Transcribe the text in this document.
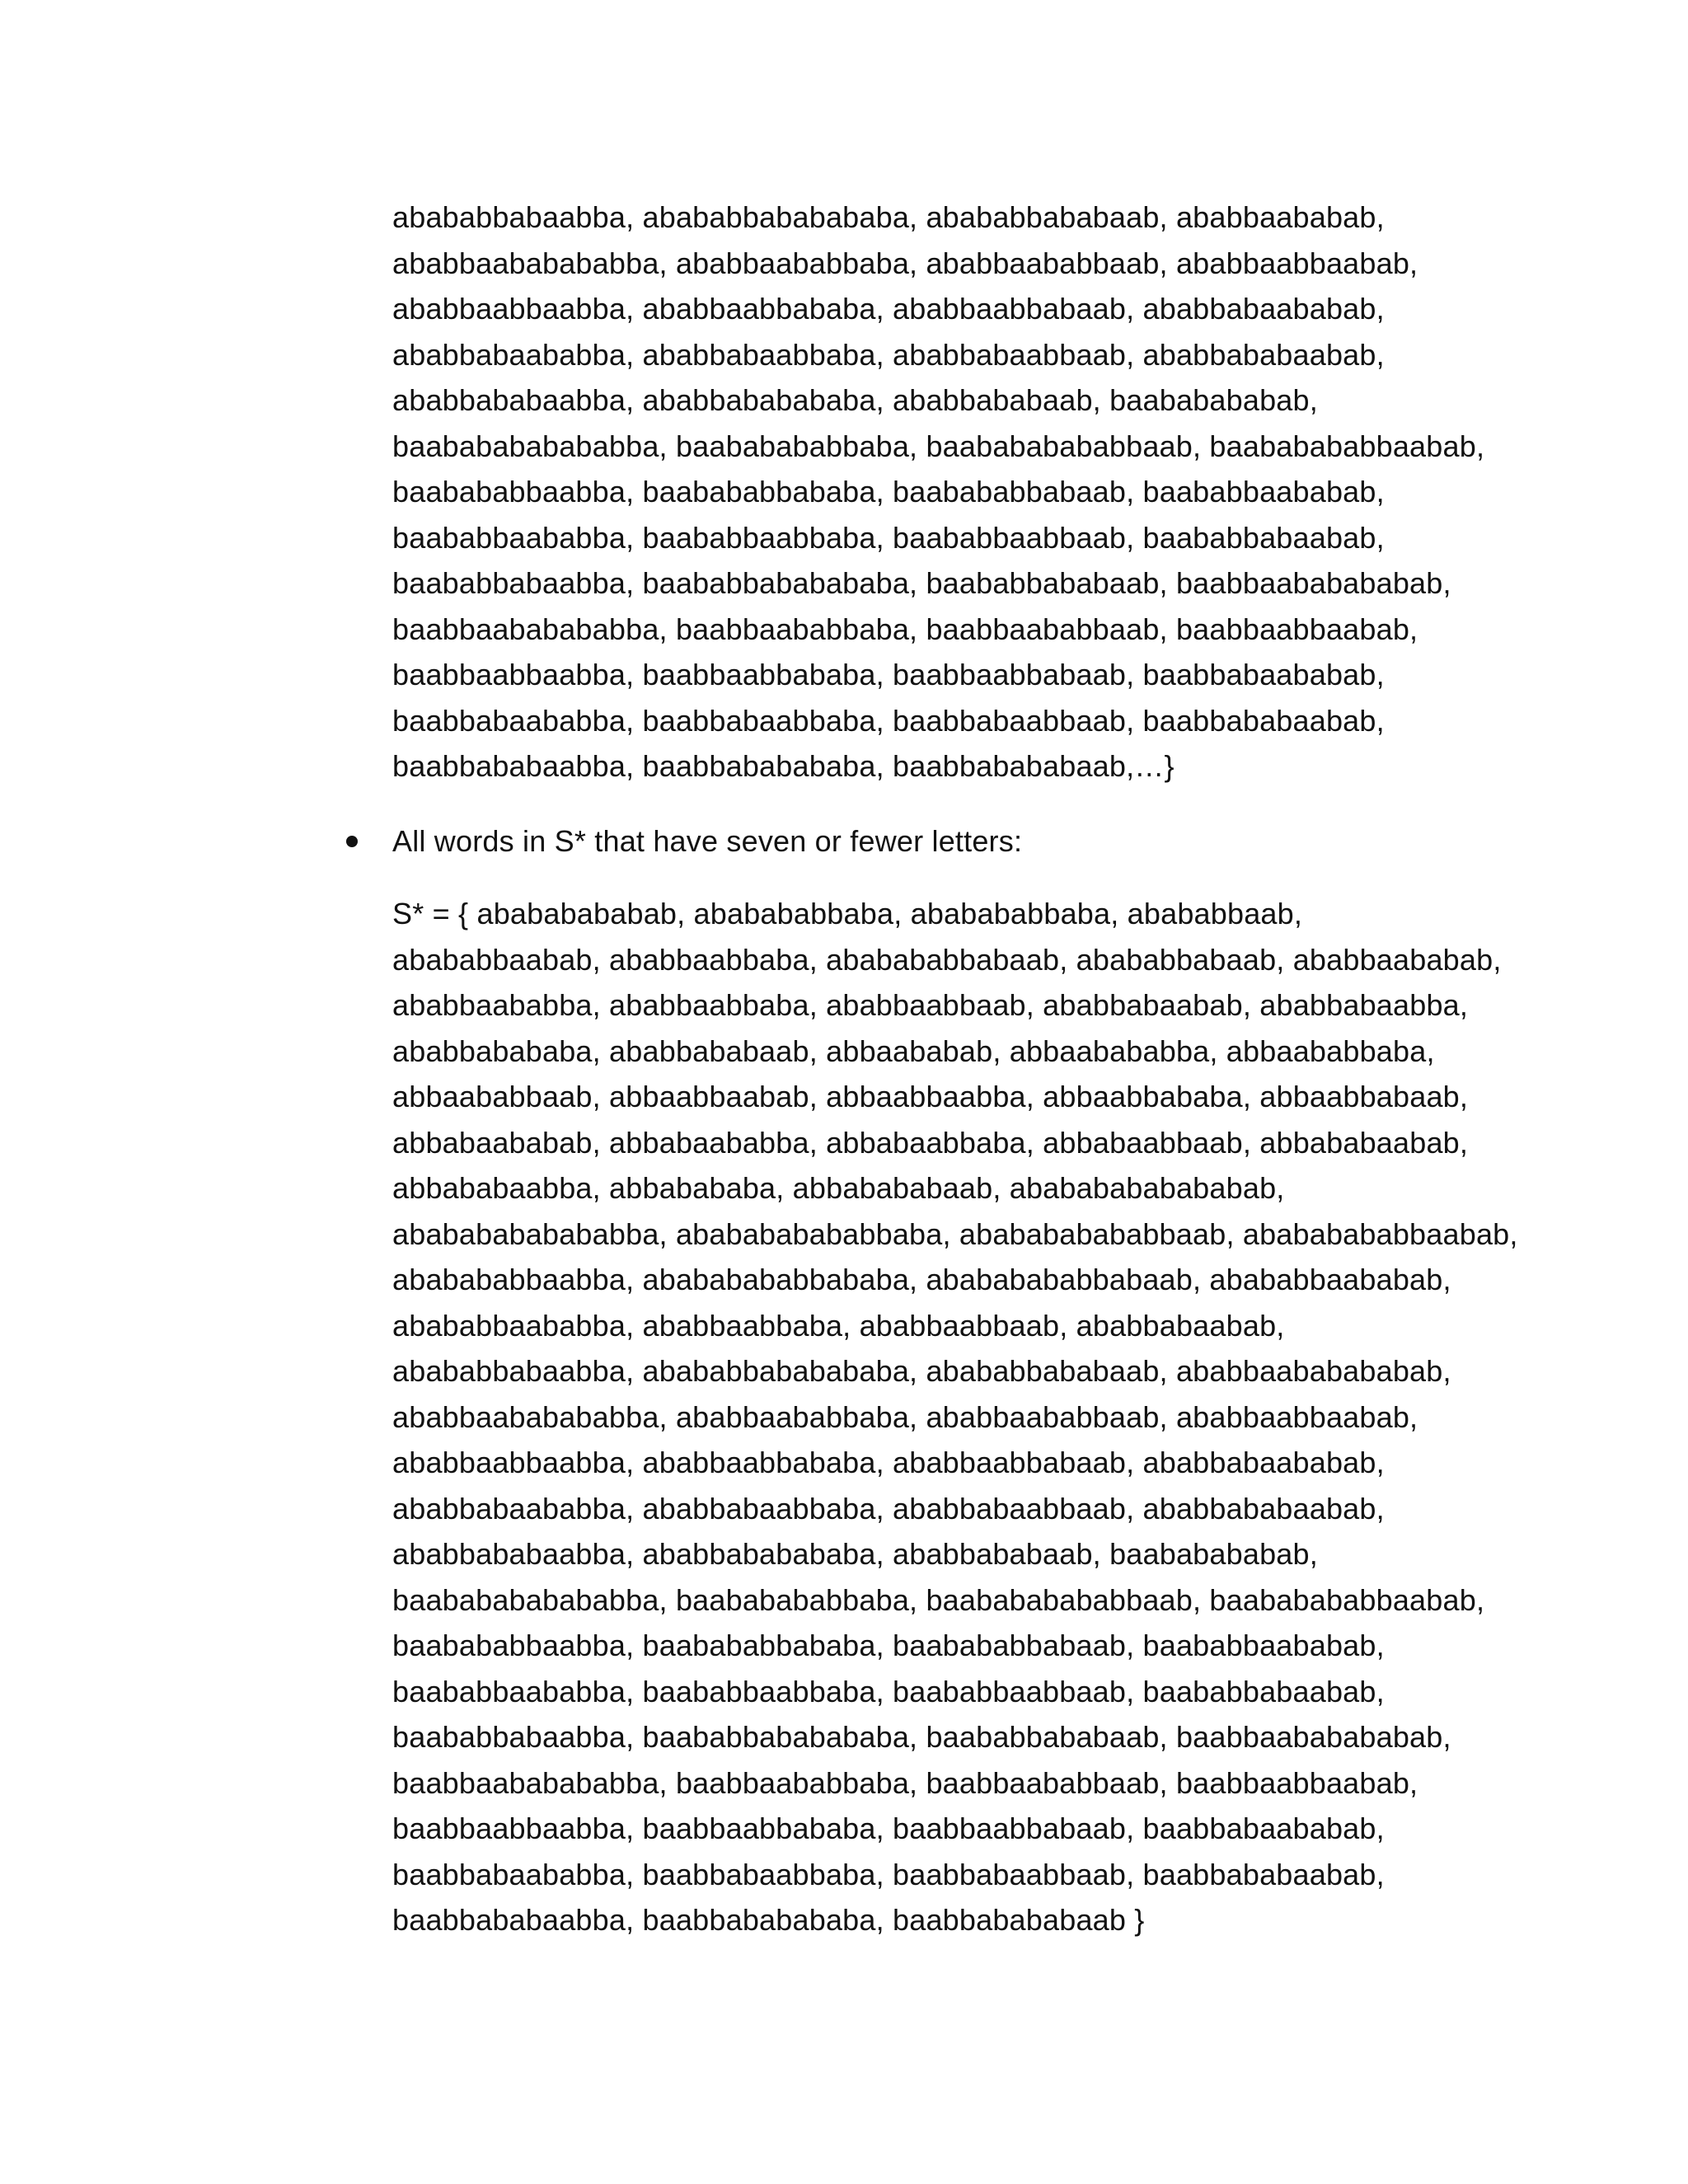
abababbabaabba, abababbababababa, abababbababaab, ababbaababab,
ababbaababababba, ababbaababbaba, ababbaababbaab, ababbaabbaabab,
ababbaabbaabba, ababbaabbababa, ababbaabbabaab, ababbabaababab,
ababbabaababba, ababbabaabbaba, ababbabaabbaab, ababbababaabab,
ababbababaabba, ababbababababa, ababbababaab, baababababab,
baababababababba, baababababbaba, baabababababbaab, baababababbaabab,
baabababbaabba, baabababbababa, baabababbabaab, baababbaababab,
baababbaababba, baababbaabbaba, baababbaabbaab, baababbabaabab,
baababbabaabba, baababbababababa, baababbababaab, baabbaababababab,
baabbaababababba, baabbaababbaba, baabbaababbaab, baabbaabbaabab,
baabbaabbaabba, baabbaabbababa, baabbaabbabaab, baabbabaababab,
baabbabaababba, baabbabaabbaba, baabbabaabbaab, baabbababaabab,
baabbababaabba, baabbababababa, baabbabababaab,…}
All words in S* that have seven or fewer letters:
S* = { abababababab, ababababbaba, ababababbaba, abababbaab,
abababbaabab, ababbaabbaba, ababababbabaab, abababbabaab, ababbaababab,
ababbaababba, ababbaabbaba, ababbaabbaab, ababbabaabab, ababbabaabba,
ababbabababa, ababbababaab, abbaababab, abbaabababba, abbaababbaba,
abbaababbaab, abbaabbaabab, abbaabbaabba, abbaabbababa, abbaabbabaab,
abbabaababab, abbabaababba, abbabaabbaba, abbabaabbaab, abbababaabab,
abbababaabba, abbabababa, abbabababaab, abababababababab,
abababababababba, ababababababbaba, ababababababbaab, abababababbaabab,
ababababbaabba, abababababbababa, abababababbabaab, abababbaababab,
abababbaababba, ababbaabbaba, ababbaabbaab, ababbabaabab,
abababbabaabba, abababbababababa, abababbababaab, ababbaababababab,
ababbaababababba, ababbaababbaba, ababbaababbaab, ababbaabbaabab,
ababbaabbaabba, ababbaabbababa, ababbaabbabaab, ababbabaababab,
ababbabaababba, ababbabaabbaba, ababbabaabbaab, ababbababaabab,
ababbababaabba, ababbababababa, ababbababaab, baababababab,
baababababababba, baababababbaba, baabababababbaab, baababababbaabab,
baabababbaabba, baabababbababa, baabababbabaab, baababbaababab,
baababbaababba, baababbaabbaba, baababbaabbaab, baababbabaabab,
baababbabaabba, baababbababababa, baababbababaab, baabbaababababab,
baabbaababababba, baabbaababbaba, baabbaababbaab, baabbaabbaabab,
baabbaabbaabba, baabbaabbababa, baabbaabbabaab, baabbabaababab,
baabbabaababba, baabbabaabbaba, baabbabaabbaab, baabbababaabab,
baabbababaabba, baabbababababa, baabbabababaab }
